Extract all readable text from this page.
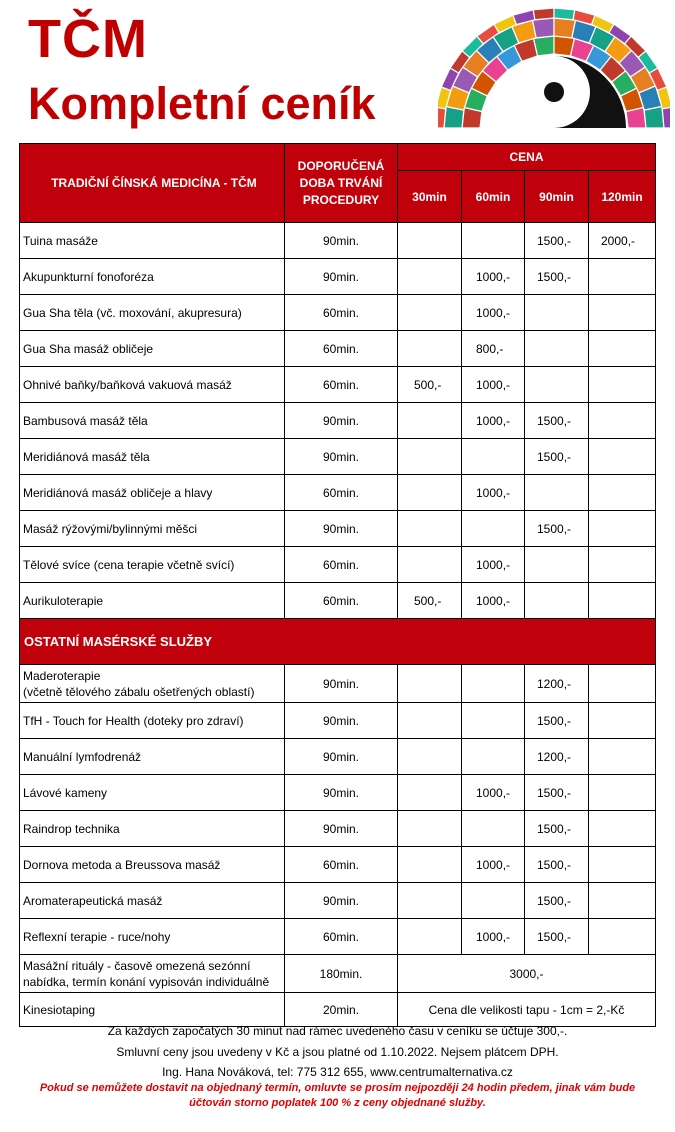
TČM
Kompletní ceník
TRADIČNÍ ČÍNSKÁ MEDICÍNA - TČM	DOPORUČENÁ DOBA TRVÁNÍ PROCEDURY	CENA			
		30min	60min	90min	120min
Tuina masáže	90min.			1500,-	2000,-
Akupunkturní fonoforéza	90min.		1000,-	1500,-	
Gua Sha těla (vč. moxování, akupresura)	60min.		1000,-		
Gua Sha masáž obličeje	60min.		800,-		
Ohnivé baňky/baňková vakuová masáž	60min.	500,-	1000,-		
Bambusová masáž těla	90min.		1000,-	1500,-	
Meridiánová masáž těla	90min.			1500,-	
Meridiánová masáž obličeje a hlavy	60min.		1000,-		
Masáž rýžovými/bylinnými měšci	90min.			1500,-	
Tělové svíce (cena terapie včetně svící)	60min.		1000,-		
Aurikuloterapie	60min.	500,-	1000,-		
OSTATNÍ MASÉRSKÉ SLUŽBY					
Maderoterapie
(včetně tělového zábalu ošetřených oblastí)	90min.			1200,-	
TfH - Touch for Health (doteky pro zdraví)	90min.			1500,-	
Manuální lymfodrenáž	90min.			1200,-	
Lávové kameny	90min.		1000,-	1500,-	
Raindrop technika	90min.			1500,-	
Dornova metoda a Breussova masáž	60min.		1000,-	1500,-	
Aromaterapeutická masáž	90min.			1500,-	
Reflexní terapie - ruce/nohy	60min.		1000,-	1500,-	
Masážní rituály - časově omezená sezónní
nabídka, termín konání vypisován individuálně	180min.	3000,-			
Kinesiotaping	20min.	Cena dle velikosti tapu - 1cm = 2,-Kč			
Za každých započatých 30 minut nad rámec uvedeného času v ceníku se účtuje 300,-.
Smluvní ceny jsou uvedeny v Kč a jsou platné od 1.10.2022. Nejsem plátcem DPH.
Ing. Hana Nováková, tel: 775 312 655, www.centrumalternativa.cz
Pokud se nemůžete dostavit na objednaný termín, omluvte se prosím nejpozději 24 hodin předem, jinak vám bude
účtován storno poplatek 100 % z ceny objednané služby.
